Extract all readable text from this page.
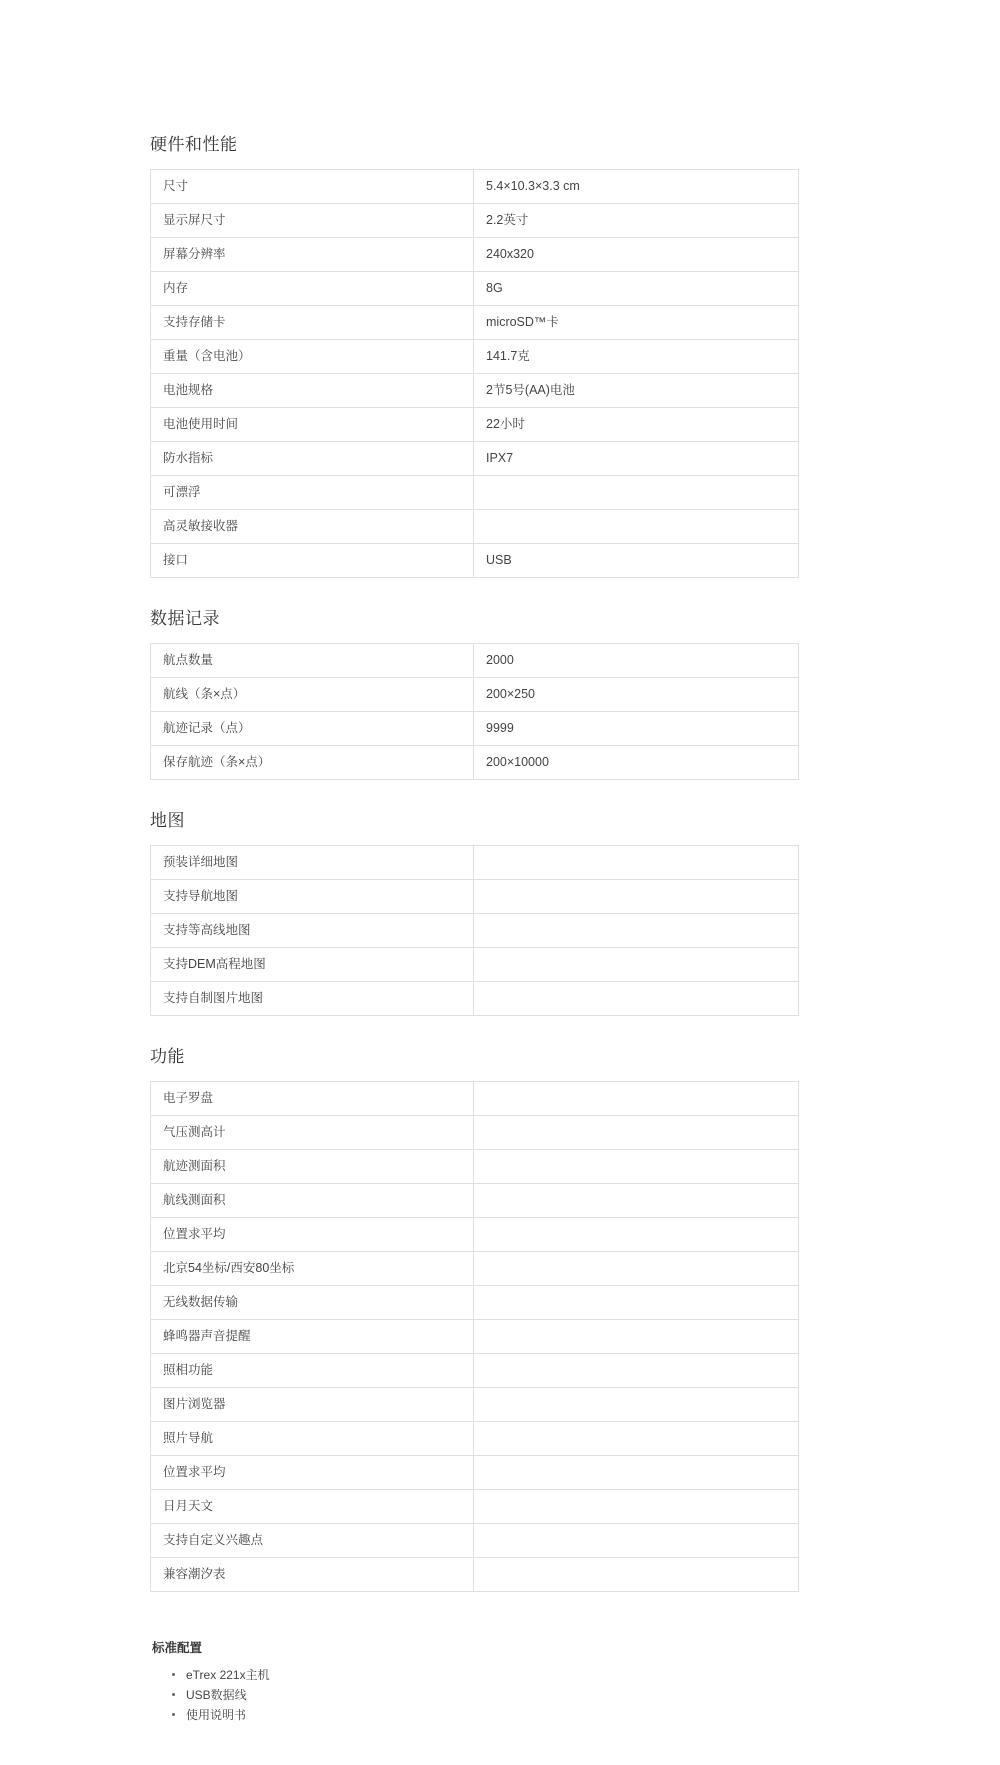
硬件和性能
尺寸	5.4×10.3×3.3 cm
显示屏尺寸	2.2英寸
屏幕分辨率	240x320
内存	8G
支持存储卡	microSD™卡
重量（含电池）	141.7克
电池规格	2节5号(AA)电池
电池使用时间	22小时
防水指标	IPX7
可漂浮	
高灵敏接收器	
接口	USB
数据记录
航点数量	2000
航线（条×点）	200×250
航迹记录（点）	9999
保存航迹（条×点）	200×10000
地图
预装详细地图	
支持导航地图	
支持等高线地图	
支持DEM高程地图	
支持自制图片地图	
功能
电子罗盘	
气压测高计	
航迹测面积	
航线测面积	
位置求平均	
北京54坐标/西安80坐标	
无线数据传输	
蜂鸣器声音提醒	
照相功能	
图片浏览器	
照片导航	
位置求平均	
日月天文	
支持自定义兴趣点	
兼容潮汐表	
标准配置
eTrex 221x主机
USB数据线
使用说明书
